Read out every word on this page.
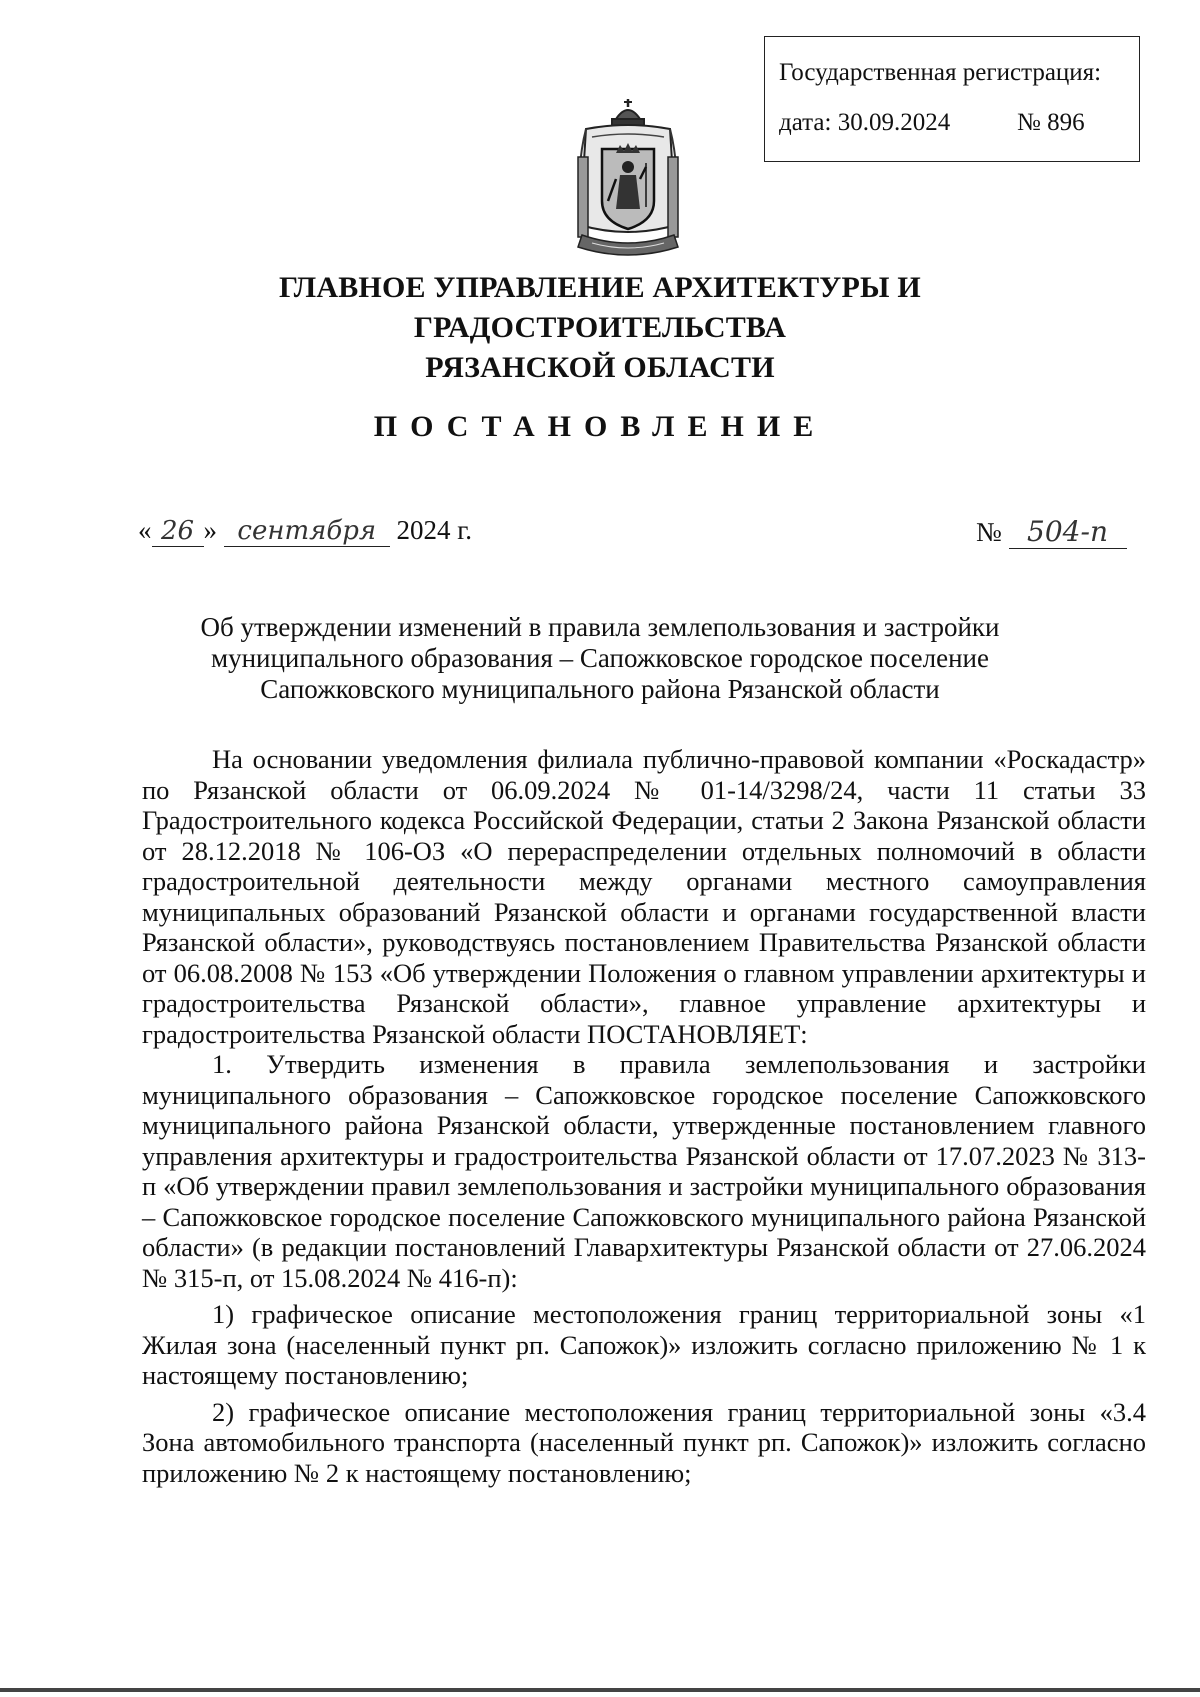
Государственная регистрация:
дата: 30.09.2024	№ 896
ГЛАВНОЕ УПРАВЛЕНИЕ АРХИТЕКТУРЫ И ГРАДОСТРОИТЕЛЬСТВА
РЯЗАНСКОЙ ОБЛАСТИ
ПОСТАНОВЛЕНИЕ
« 26 » сентября 2024 г.	№ 504-п
Об утверждении изменений в правила землепользования и застройки
муниципального образования – Сапожковское городское поселение
Сапожковского муниципального района Рязанской области

На основании уведомления филиала публично-правовой компании «Роскадастр» по Рязанской области от 06.09.2024 № 01-14/3298/24, части 11 статьи 33 Градостроительного кодекса Российской Федерации, статьи 2 Закона Рязанской области от 28.12.2018 № 106-ОЗ «О перераспределении отдельных полномочий в области градостроительной деятельности между органами местного самоуправления муниципальных образований Рязанской области и органами государственной власти Рязанской области», руководствуясь постановлением Правительства Рязанской области от 06.08.2008 № 153 «Об утверждении Положения о главном управлении архитектуры и градостроительства Рязанской области», главное управление архитектуры и градостроительства Рязанской области ПОСТАНОВЛЯЕТ:

1. Утвердить изменения в правила землепользования и застройки муниципального образования – Сапожковское городское поселение Сапожковского муниципального района Рязанской области, утвержденные постановлением главного управления архитектуры и градостроительства Рязанской области от 17.07.2023 № 313-п «Об утверждении правил землепользования и застройки муниципального образования – Сапожковское городское поселение Сапожковского муниципального района Рязанской области» (в редакции постановлений Главархитектуры Рязанской области от 27.06.2024 № 315-п, от 15.08.2024 № 416-п):

1) графическое описание местоположения границ территориальной зоны «1 Жилая зона (населенный пункт рп. Сапожок)» изложить согласно приложению № 1 к настоящему постановлению;

2) графическое описание местоположения границ территориальной зоны «3.4 Зона автомобильного транспорта (населенный пункт рп. Сапожок)» изложить согласно приложению № 2 к настоящему постановлению;
